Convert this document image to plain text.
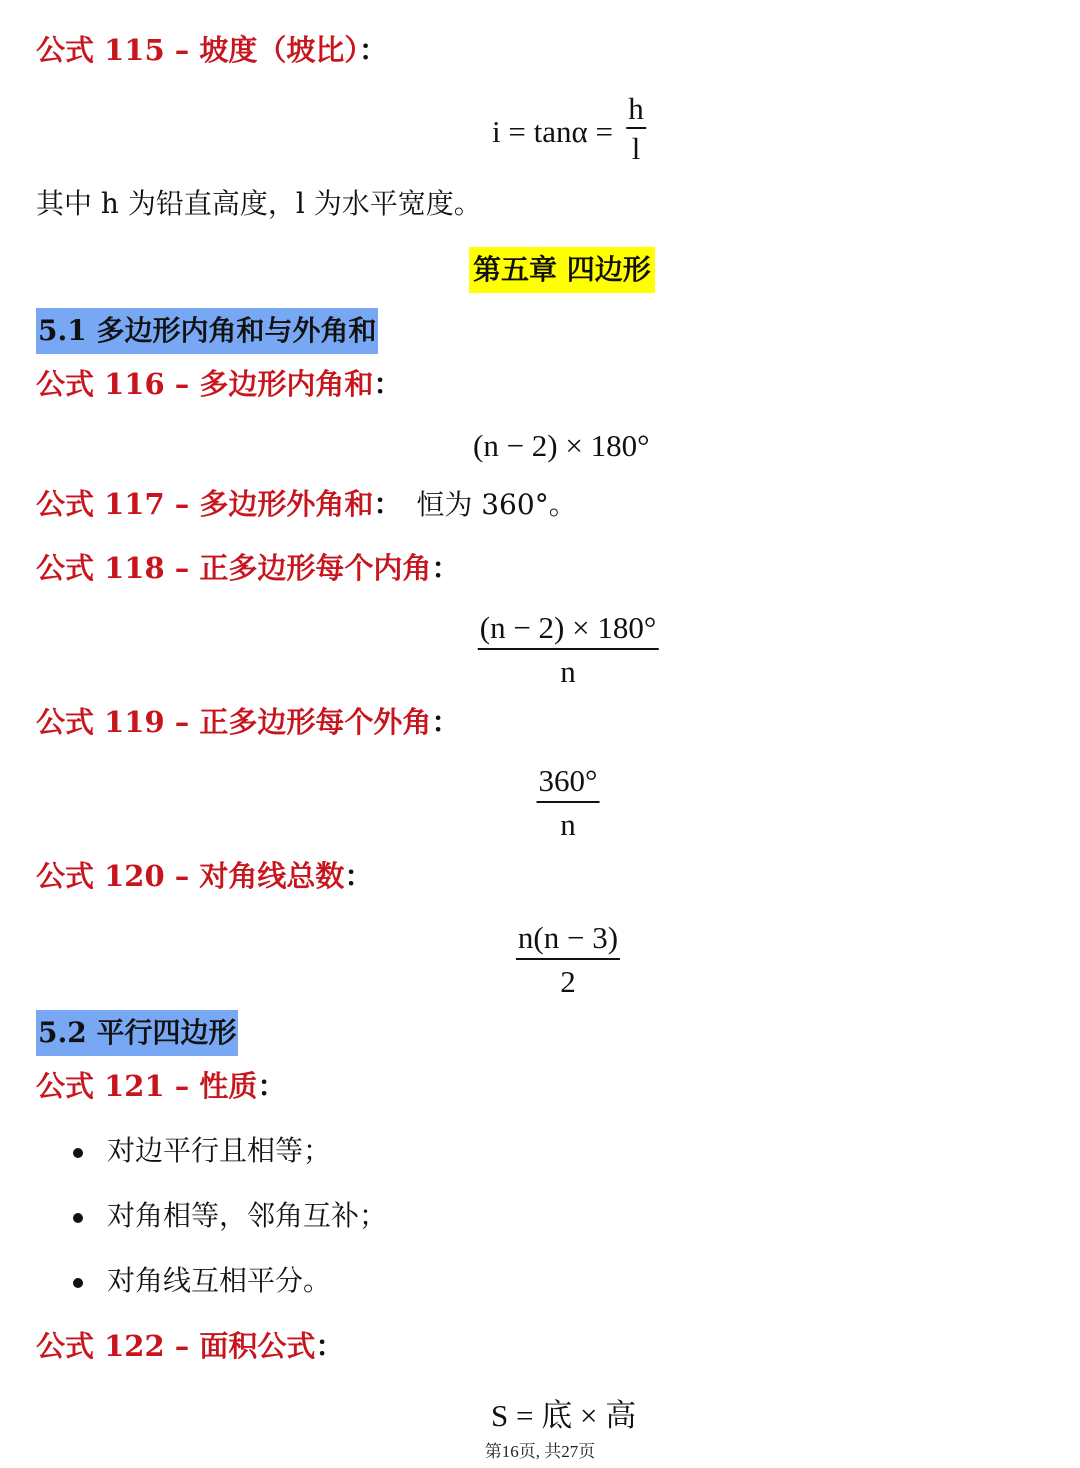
公式 115 – 坡度（坡比）：
i = tanα =
h
l
其中 h 为铅直高度，l 为水平宽度。
第五章 四边形
5.1 多边形内角和与外角和
公式 116 – 多边形内角和：
(n − 2) × 180°
公式 117 – 多边形外角和： 恒为 360°。
公式 118 – 正多边形每个内角：
(n − 2) × 180°
n
公式 119 – 正多边形每个外角：
360°
n
公式 120 – 对角线总数：
n(n − 3)
2
5.2 平行四边形
公式 121 – 性质：
对边平行且相等；
对角相等，邻角互补；
对角线互相平分。
公式 122 – 面积公式：
S = 底 × 高
第16页, 共27页
